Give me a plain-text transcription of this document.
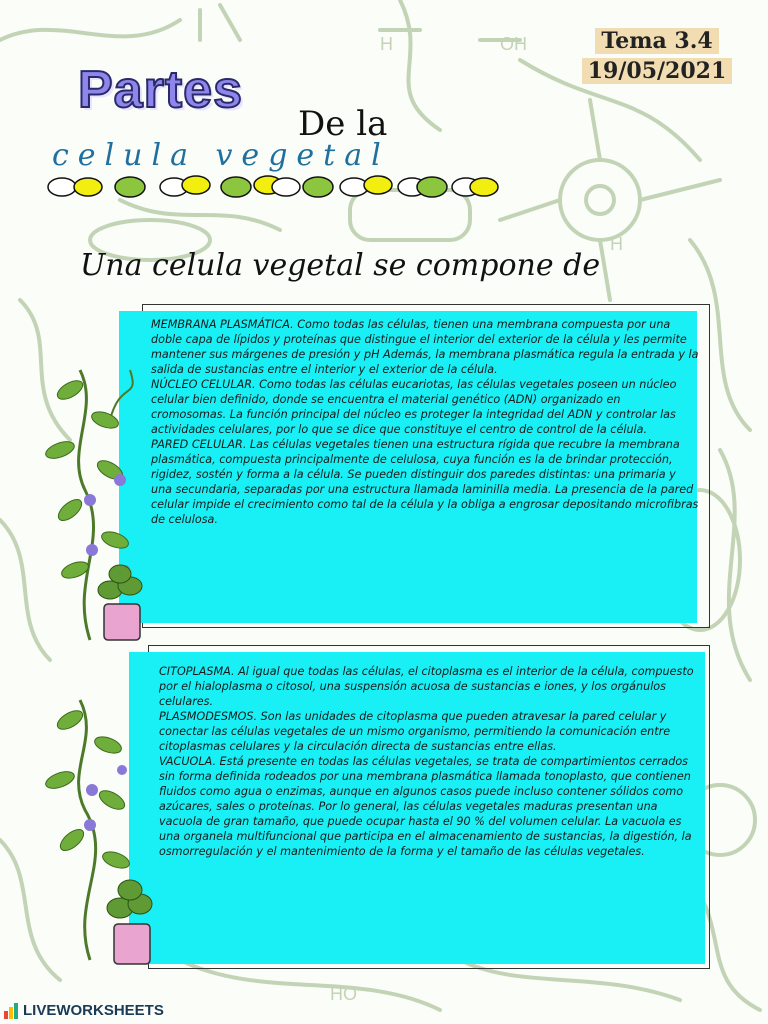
H	OH
H
HO
Partes
De la
celula vegetal
Tema 3.4
19/05/2021
Una celula vegetal se compone de

MEMBRANA PLASMÁTICA. Como todas las células, tienen una membrana compuesta por una doble capa de lípidos y proteínas que distingue el interior del exterior de la célula y les permite mantener sus márgenes de presión y pH Además, la membrana plasmática regula la entrada y la salida de sustancias entre el interior y el exterior de la célula.

NÚCLEO CELULAR. Como todas las células eucariotas, las células vegetales poseen un núcleo celular bien definido, donde se encuentra el material genético (ADN) organizado en cromosomas. La función principal del núcleo es proteger la integridad del ADN y controlar las actividades celulares, por lo que se dice que constituye el centro de control de la célula.

PARED CELULAR. Las células vegetales tienen una estructura rígida que recubre la membrana plasmática, compuesta principalmente de celulosa, cuya función es la de brindar protección, rigidez, sostén y forma a la célula. Se pueden distinguir dos paredes distintas: una primaria y una secundaria, separadas por una estructura llamada laminilla media. La presencia de la pared celular impide el crecimiento como tal de la célula y la obliga a engrosar depositando microfibras de celulosa.

CITOPLASMA. Al igual que todas las células, el citoplasma es el interior de la célula, compuesto por el hialoplasma o citosol, una suspensión acuosa de sustancias e iones, y los orgánulos celulares.

PLASMODESMOS. Son las unidades de citoplasma que pueden atravesar la pared celular y conectar las células vegetales de un mismo organismo, permitiendo la comunicación entre citoplasmas celulares y la circulación directa de sustancias entre ellas.

VACUOLA. Está presente en todas las células vegetales, se trata de compartimientos cerrados sin forma definida rodeados por una membrana plasmática llamada tonoplasto, que contienen fluidos como agua o enzimas, aunque en algunos casos puede incluso contener sólidos como azúcares, sales o proteínas. Por lo general, las células vegetales maduras presentan una vacuola de gran tamaño, que puede ocupar hasta el 90 % del volumen celular. La vacuola es una organela multifuncional que participa en el almacenamiento de sustancias, la digestión, la osmorregulación y el mantenimiento de la forma y el tamaño de las células vegetales.

LIVEWORKSHEETS
